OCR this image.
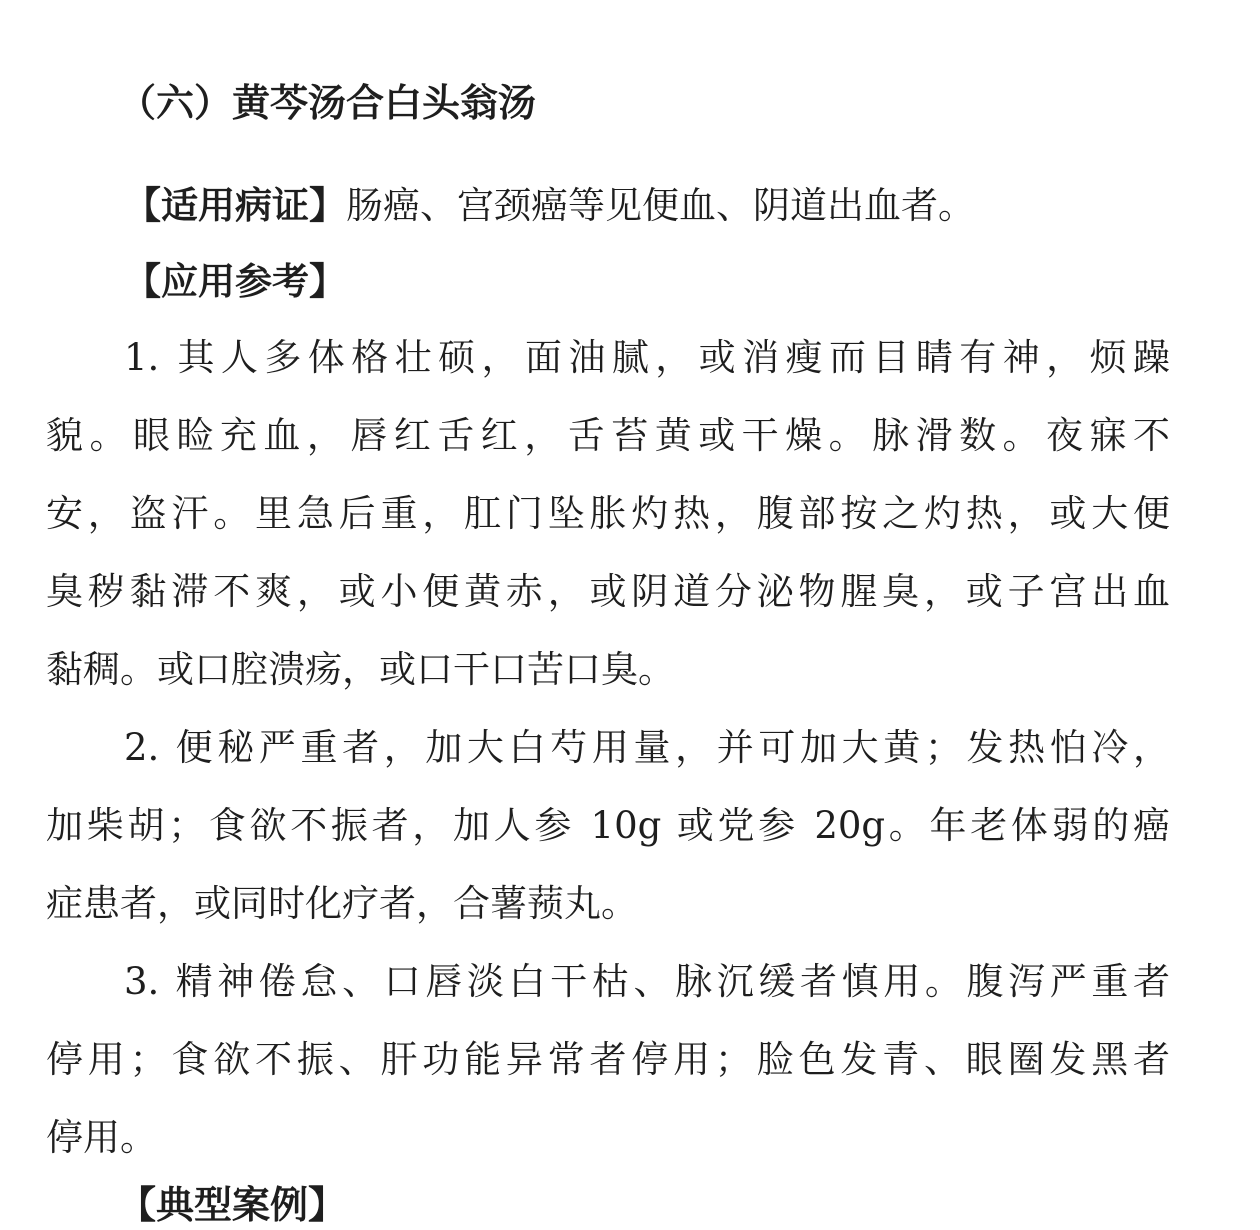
（六）黄芩汤合白头翁汤
【适用病证】肠癌、宫颈癌等见便血、阴道出血者。
【应用参考】
1. 其人多体格壮硕，面油腻，或消瘦而目睛有神，烦躁
貌。眼睑充血，唇红舌红，舌苔黄或干燥。脉滑数。夜寐不
安，盗汗。里急后重，肛门坠胀灼热，腹部按之灼热，或大便
臭秽黏滞不爽，或小便黄赤，或阴道分泌物腥臭，或子宫出血
黏稠。或口腔溃疡，或口干口苦口臭。
2. 便秘严重者，加大白芍用量，并可加大黄；发热怕冷，
加柴胡；食欲不振者，加人参 10g 或党参 20g。年老体弱的癌
症患者，或同时化疗者，合薯蓣丸。
3. 精神倦怠、口唇淡白干枯、脉沉缓者慎用。腹泻严重者
停用；食欲不振、肝功能异常者停用；脸色发青、眼圈发黑者
停用。
【典型案例】
